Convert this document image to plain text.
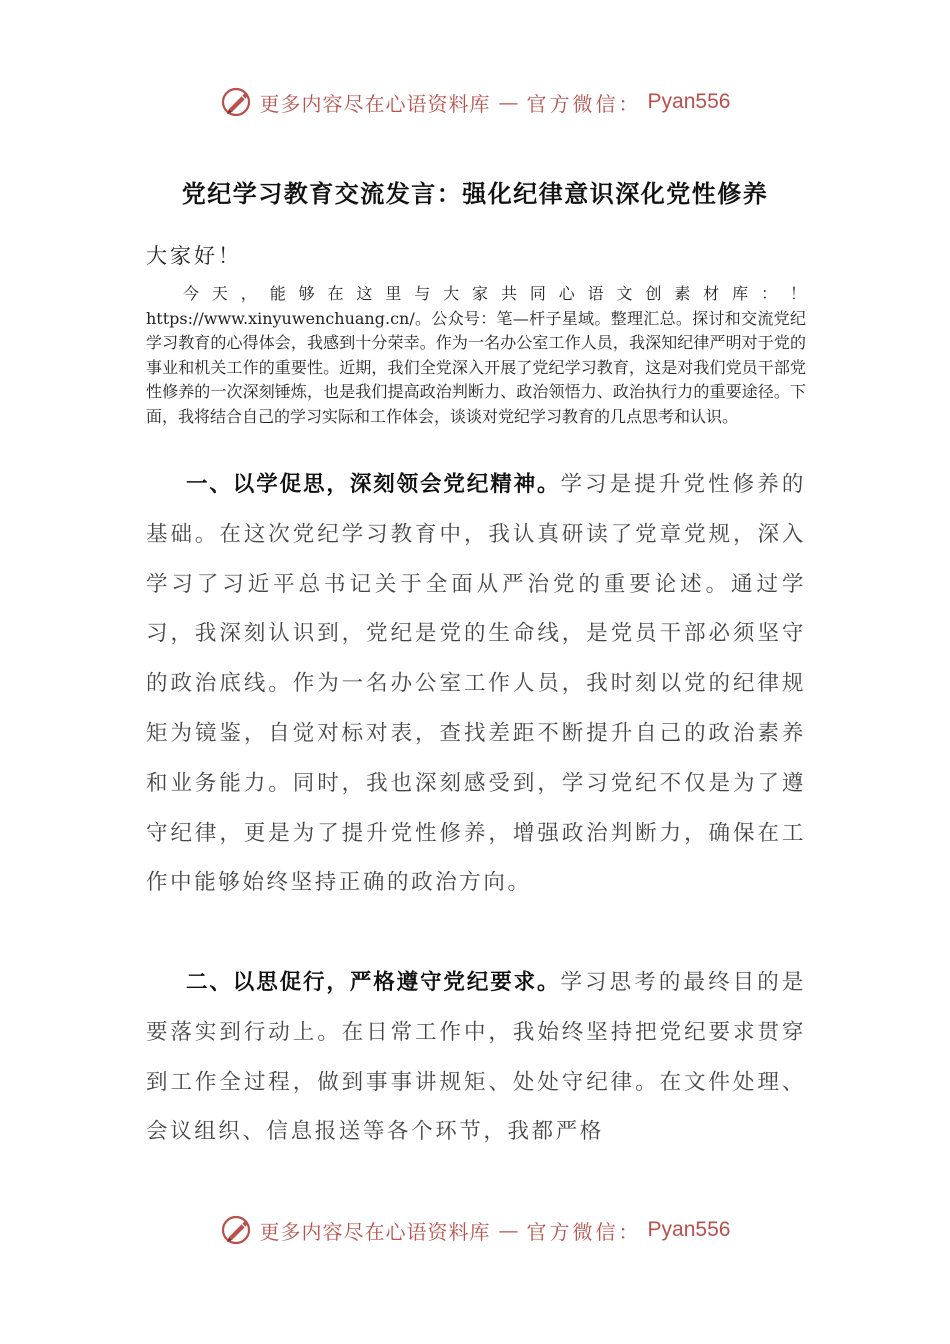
更多内容尽在心语资料库 — 官方微信： Pyan556
党纪学习教育交流发言：强化纪律意识深化党性修养
大家好！

今天，能够在这里与大家共同心语文创素材库：！https://www.xinyuwenchuang.cn/。公众号：笔—杆子星域。整理汇总。探讨和交流党纪学习教育的心得体会，我感到十分荣幸。作为一名办公室工作人员，我深知纪律严明对于党的事业和机关工作的重要性。近期，我们全党深入开展了党纪学习教育，这是对我们党员干部党性修养的一次深刻锤炼，也是我们提高政治判断力、政治领悟力、政治执行力的重要途径。下面，我将结合自己的学习实际和工作体会，谈谈对党纪学习教育的几点思考和认识。

一、以学促思，深刻领会党纪精神。学习是提升党性修养的基础。在这次党纪学习教育中，我认真研读了党章党规，深入学习了习近平总书记关于全面从严治党的重要论述。通过学习，我深刻认识到，党纪是党的生命线，是党员干部必须坚守的政治底线。作为一名办公室工作人员，我时刻以党的纪律规矩为镜鉴，自觉对标对表，查找差距不断提升自己的政治素养和业务能力。同时，我也深刻感受到，学习党纪不仅是为了遵守纪律，更是为了提升党性修养，增强政治判断力，确保在工作中能够始终坚持正确的政治方向。

二、以思促行，严格遵守党纪要求。学习思考的最终目的是要落实到行动上。在日常工作中，我始终坚持把党纪要求贯穿到工作全过程，做到事事讲规矩、处处守纪律。在文件处理、会议组织、信息报送等各个环节，我都严格

更多内容尽在心语资料库 — 官方微信： Pyan556
